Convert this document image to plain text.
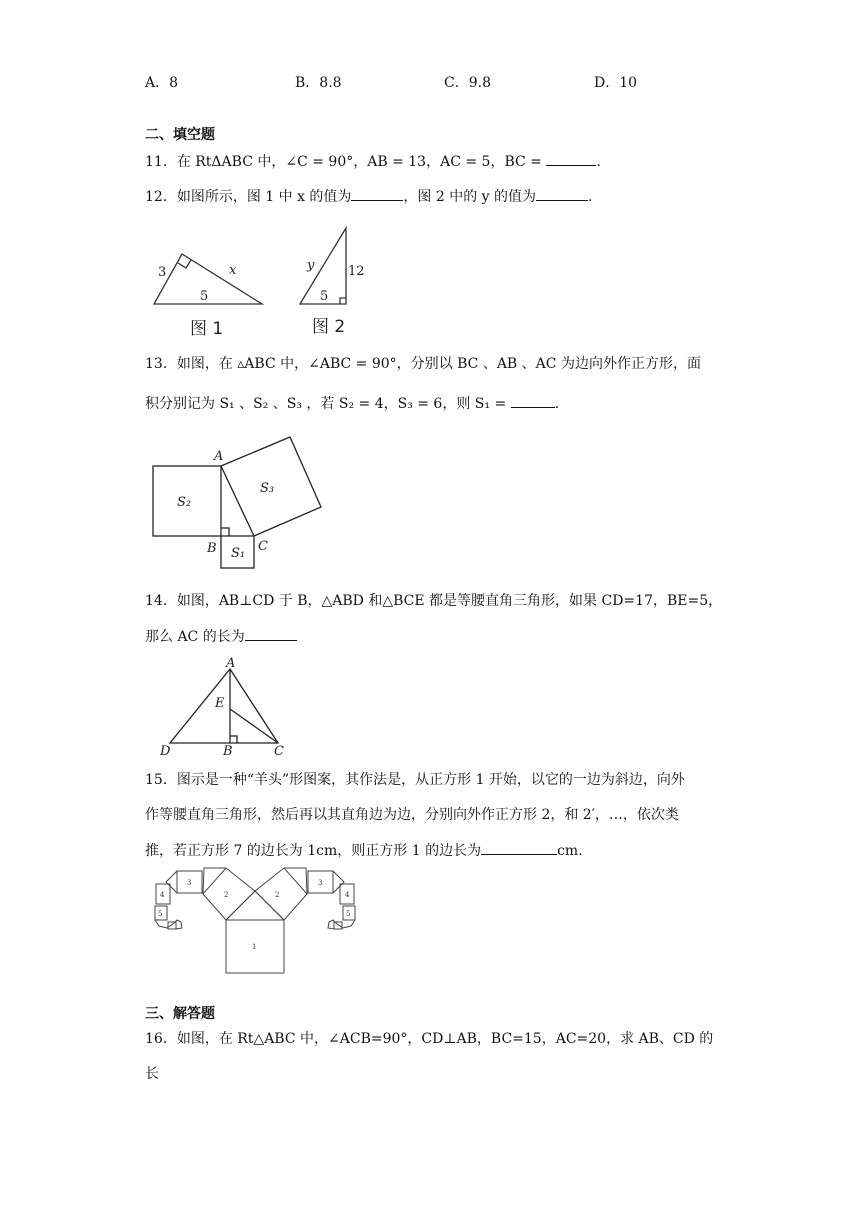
A．8	B．8.8	C．9.8	D．10
二、填空题
11．在 RtΔABC 中，∠C = 90°，AB = 13，AC = 5，BC =	.
12．如图所示，图 1 中 x 的值为	，图 2 中的 y 的值为	.
3	x
5
y	12
5
图 1	图 2
13．如图，在 ▵ABC 中，∠ABC = 90°，分别以 BC 、AB 、AC 为边向外作正方形，面
积分别记为 S₁ 、S₂ 、S₃ ，若 S₂ = 4，S₃ = 6，则 S₁ =	.
A
B	C
S₂
S₃
S₁
14．如图，AB⊥CD 于 B，△ABD 和△BCE 都是等腰直角三角形，如果 CD=17，BE=5，
那么 AC 的长为
A
E
D	B	C
15．图示是一种“羊头”形图案，其作法是，从正方形 1 开始，以它的一边为斜边，向外
作等腰直角三角形，然后再以其直角边为边，分别向外作正方形 2，和 2′，…，依次类
推，若正方形 7 的边长为 1cm，则正方形 1 的边长为	cm.
1
2	2
3	3
4	4
5	5
三、解答题
16．如图，在 Rt△ABC 中，∠ACB=90°，CD⊥AB，BC=15，AC=20，求 AB、CD 的
长
